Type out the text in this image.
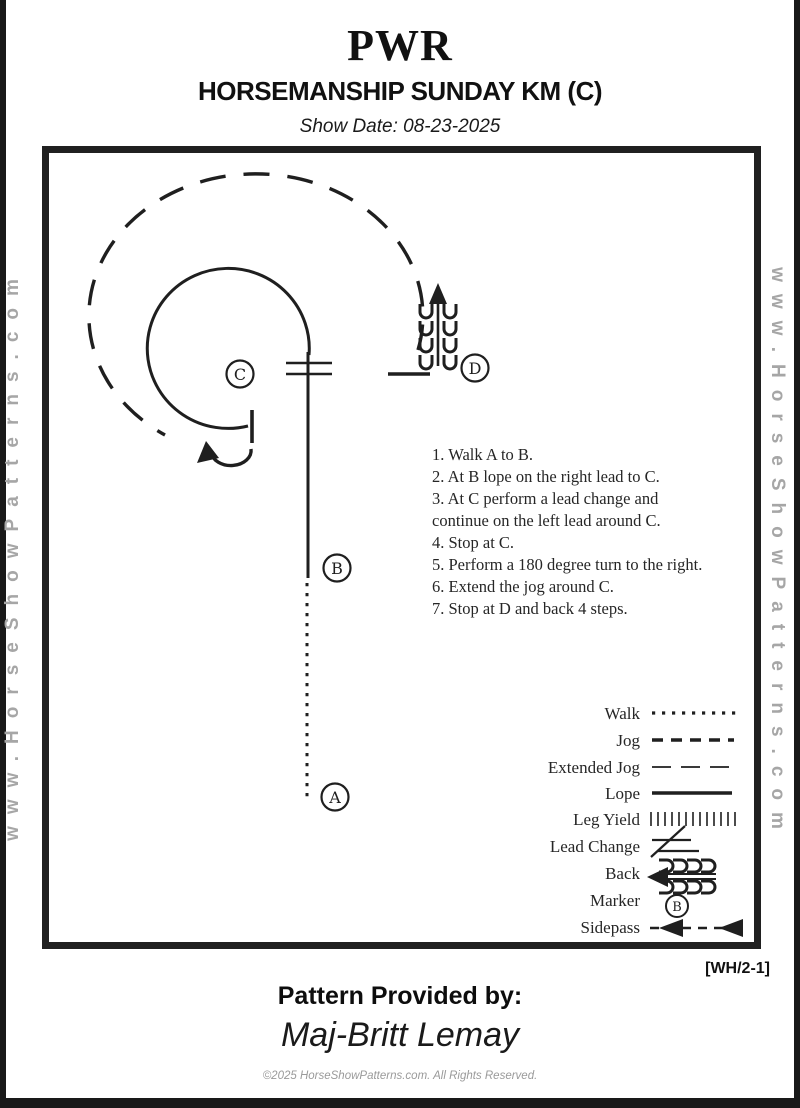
PWR
HORSEMANSHIP SUNDAY KM (C)
Show Date: 08-23-2025
www.HorseShowPatterns.com	www.HorseShowPatterns.com
C
B
A
D
B
1. Walk A to B.
2. At B lope on the right lead to C.
3. At C perform a lead change and continue on the left lead around C.
4. Stop at C.
5. Perform a 180 degree turn to the right.
6. Extend the jog around C.
7. Stop at D and back 4 steps.
Walk
Jog
Extended Jog
Lope
Leg Yield
Lead Change
Back
Marker
Sidepass
[WH/2-1]
Pattern Provided by:
Maj-Britt Lemay
©2025 HorseShowPatterns.com. All Rights Reserved.
